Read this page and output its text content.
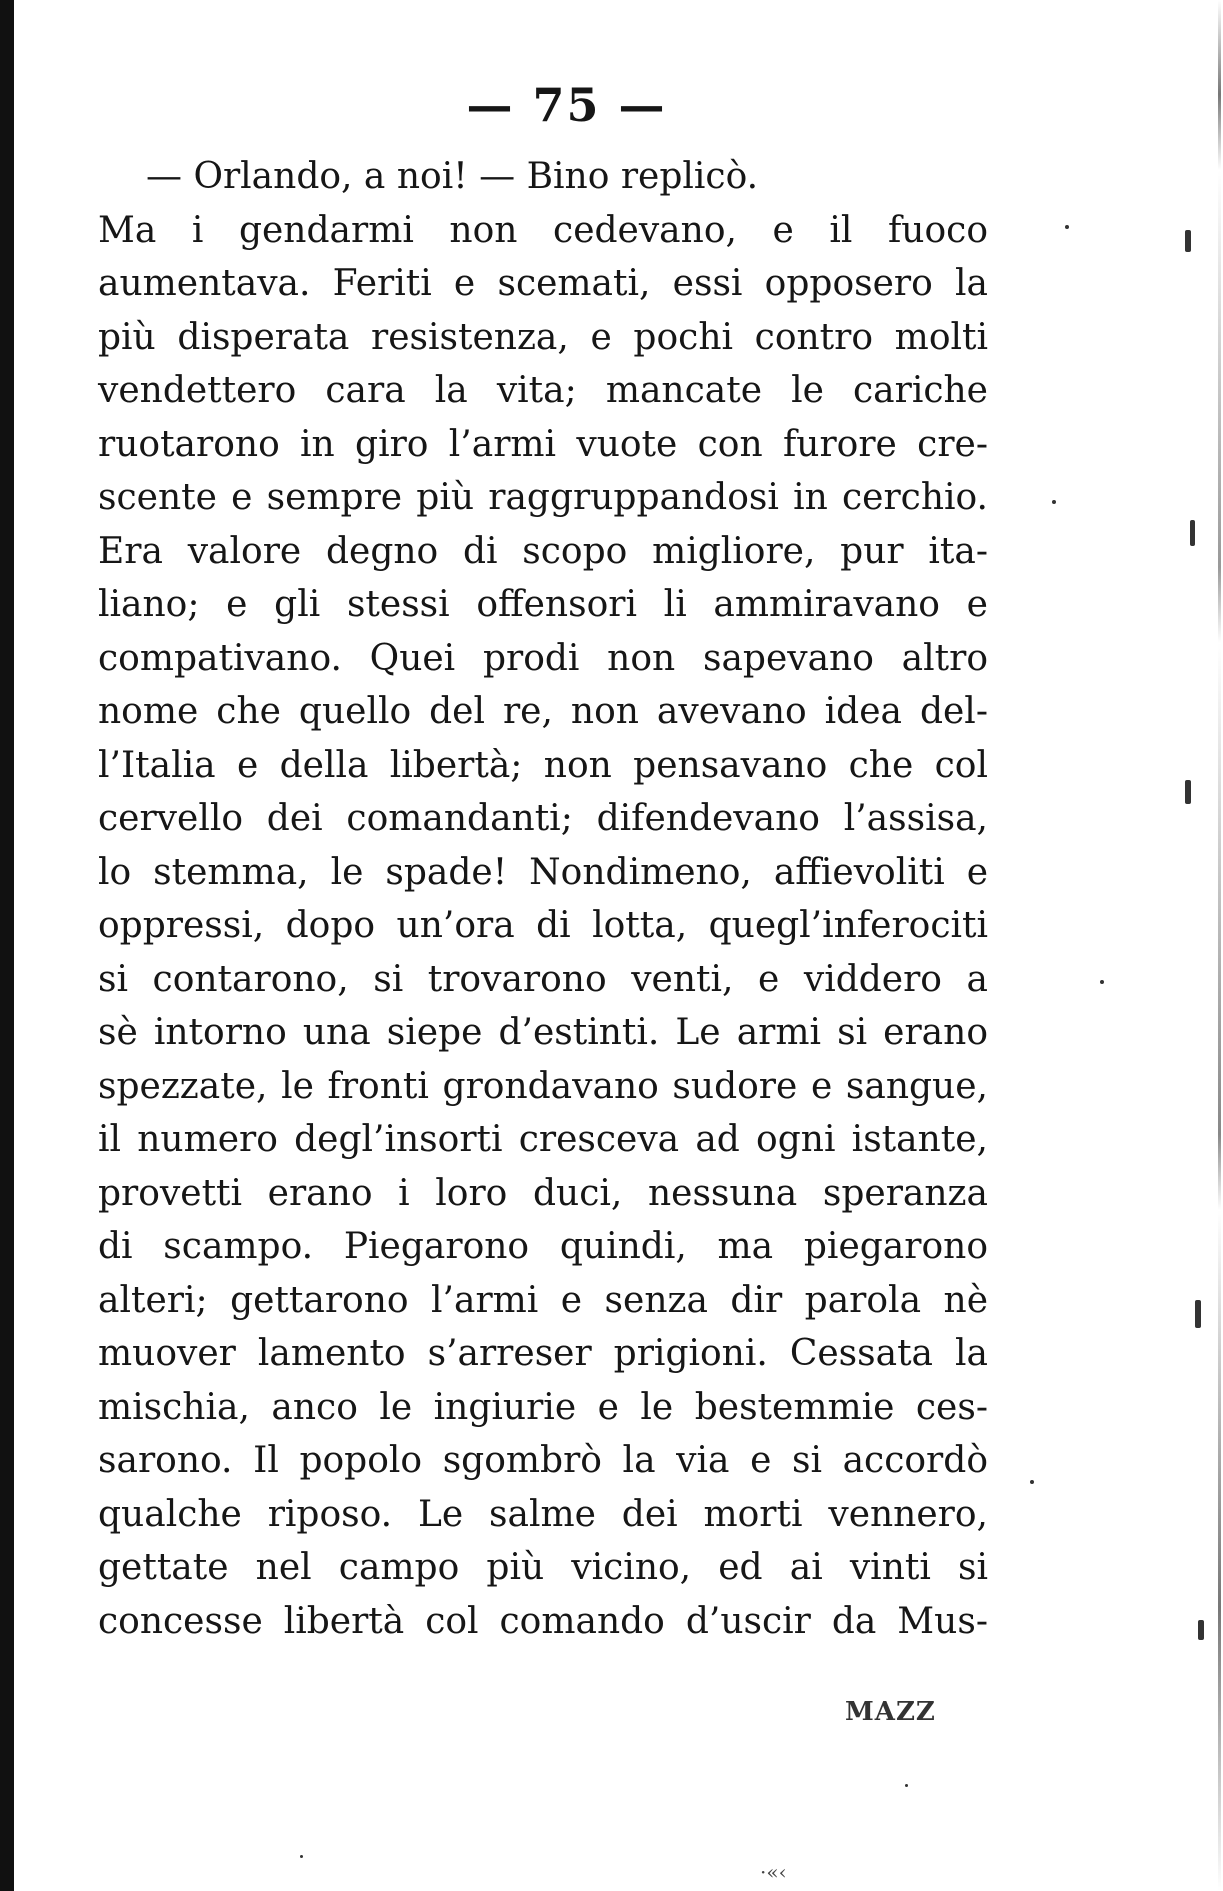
— 75 —
— Orlando, a noi! — Bino replicò.
Ma i gendarmi non cedevano, e il fuoco
aumentava. Feriti e scemati, essi opposero la
più disperata resistenza, e pochi contro molti
vendettero cara la vita; mancate le cariche
ruotarono in giro l’armi vuote con furore cre-
scente e sempre più raggruppandosi in cerchio.
Era valore degno di scopo migliore, pur ita-
liano; e gli stessi offensori li ammiravano e
compativano. Quei prodi non sapevano altro
nome che quello del re, non avevano idea del-
l’Italia e della libertà; non pensavano che col
cervello dei comandanti; difendevano l’assisa,
lo stemma, le spade! Nondimeno, affievoliti e
oppressi, dopo un’ora di lotta, quegl’inferociti
si contarono, si trovarono venti, e viddero a
sè intorno una siepe d’estinti. Le armi si erano
spezzate, le fronti grondavano sudore e sangue,
il numero degl’insorti cresceva ad ogni istante,
provetti erano i loro duci, nessuna speranza
di scampo. Piegarono quindi, ma piegarono
alteri; gettarono l’armi e senza dir parola nè
muover lamento s’arreser prigioni. Cessata la
mischia, anco le ingiurie e le bestemmie ces-
sarono. Il popolo sgombrò la via e si accordò
qualche riposo. Le salme dei morti vennero,
gettate nel campo più vicino, ed ai vinti si
concesse libertà col comando d’uscir da Mus-
MAZZ
·«‹
